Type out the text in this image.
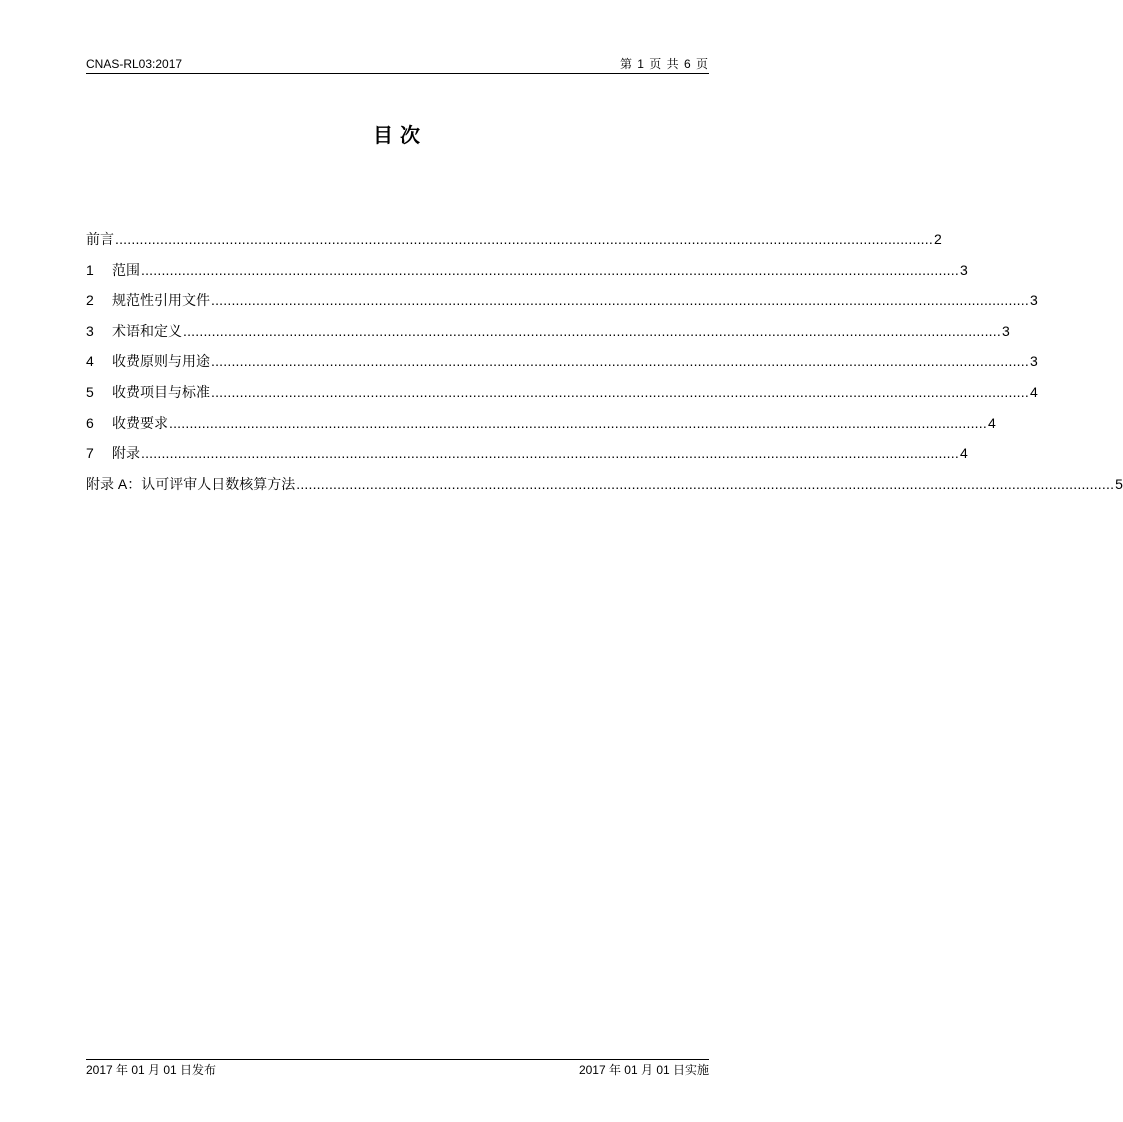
CNAS-RL03:2017	第 1 页 共 6 页
目 次
前言 ........................................................................................................................................................................................................ 2
1	范围 ........................................................................................................................................................................................................ 3
2	规范性引用文件 ........................................................................................................................................................................................................ 3
3	术语和定义 ........................................................................................................................................................................................................ 3
4	收费原则与用途 ........................................................................................................................................................................................................ 3
5	收费项目与标准 ........................................................................................................................................................................................................ 4
6	收费要求 ........................................................................................................................................................................................................ 4
7	附录 ........................................................................................................................................................................................................ 4
附录 A：认可评审人日数核算方法 ........................................................................................................................................................................................................ 5
2017 年 01 月 01 日发布	2017 年 01 月 01 日实施
